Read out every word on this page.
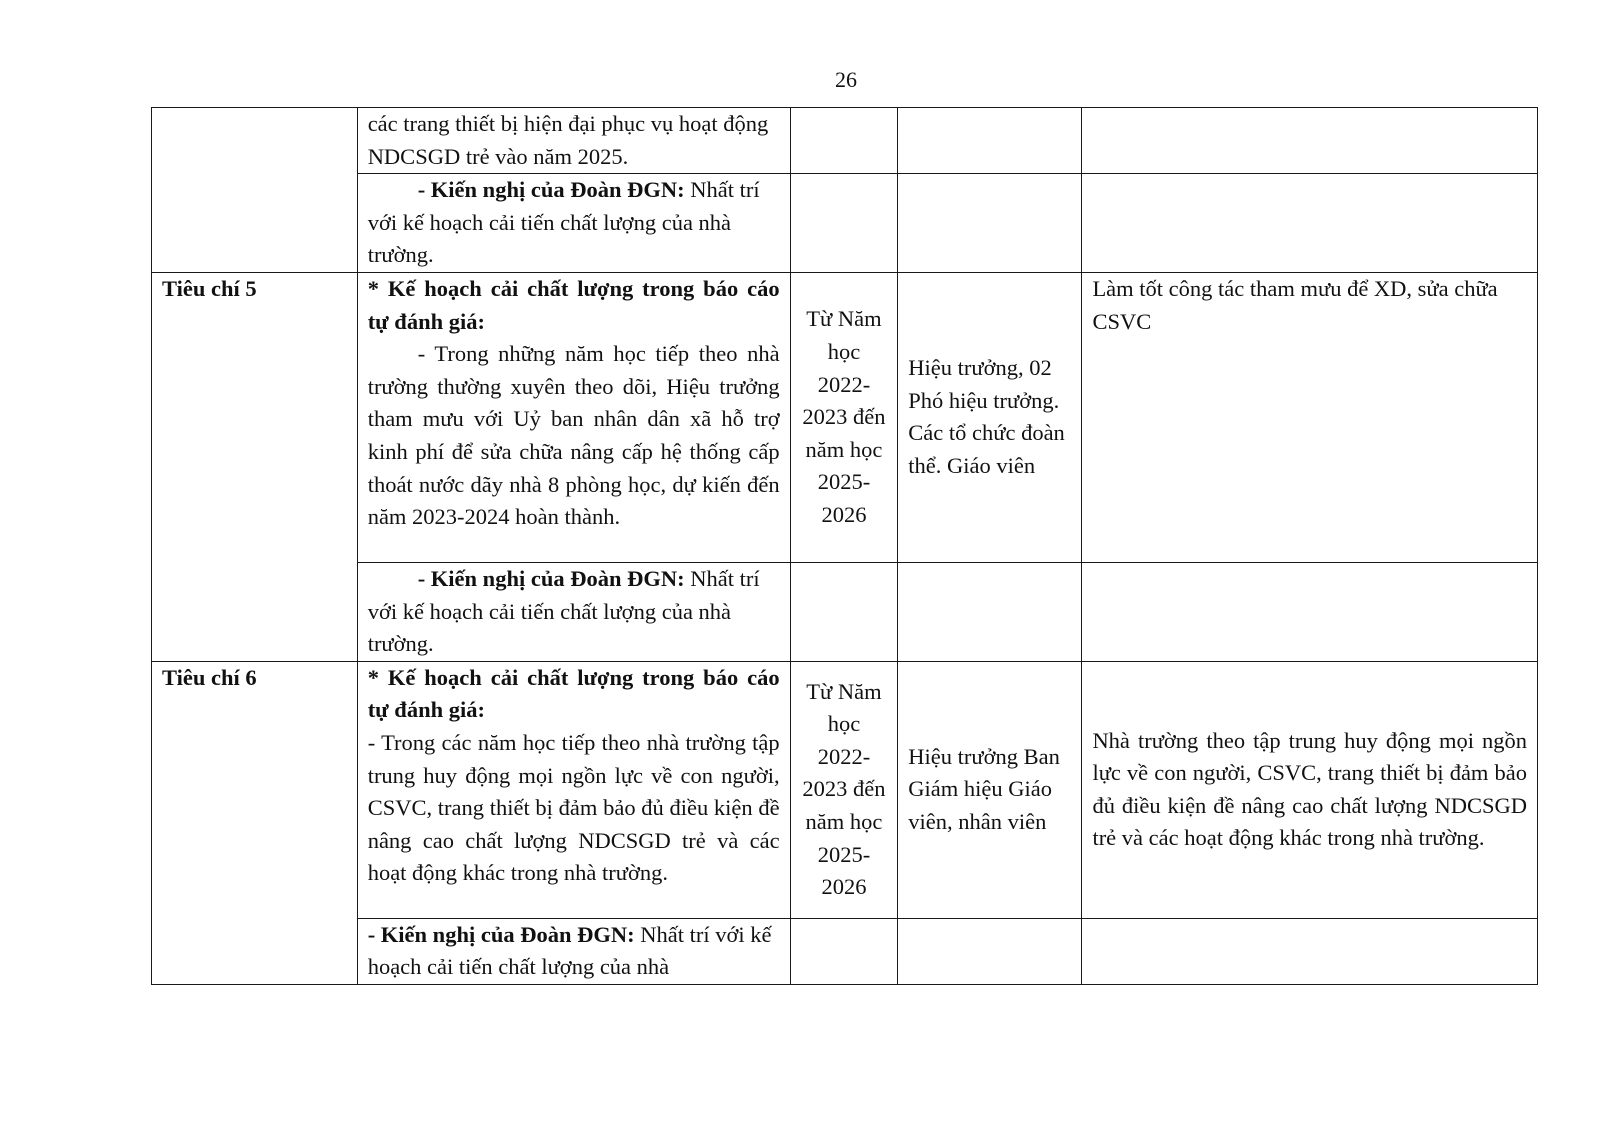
26

	các trang thiết bị hiện đại phục vụ hoạt động NDCSGD trẻ vào năm 2025.			

	- Kiến nghị của Đoàn ĐGN: Nhất trí với kế hoạch cải tiến chất lượng của nhà trường.			

Tiêu chí 5	* Kế hoạch cải chất lượng trong báo cáo tự đánh giá:

- Trong những năm học tiếp theo nhà trường thường xuyên theo dõi, Hiệu trưởng tham mưu với Uỷ ban nhân dân xã hỗ trợ kinh phí để sửa chữa nâng cấp hệ thống cấp thoát nước dãy nhà 8 phòng học, dự kiến đến năm 2023-2024 hoàn thành.	Từ Năm học 2022-2023 đến năm học 2025-2026	Hiệu trưởng, 02 Phó hiệu trưởng. Các tổ chức đoàn thể. Giáo viên	Làm tốt công tác tham mưu để XD, sửa chữa CSVC

	- Kiến nghị của Đoàn ĐGN: Nhất trí với kế hoạch cải tiến chất lượng của nhà trường.			

Tiêu chí 6	* Kế hoạch cải chất lượng trong báo cáo tự đánh giá:

- Trong các năm học tiếp theo nhà trường tập trung huy động mọi ngồn lực về con người, CSVC, trang thiết bị đảm bảo đủ điều kiện đề nâng cao chất lượng NDCSGD trẻ và các hoạt động khác trong nhà trường.	Từ Năm học 2022-2023 đến năm học 2025-2026	Hiệu trưởng Ban Giám hiệu Giáo viên, nhân viên	Nhà trường theo tập trung huy động mọi ngồn lực về con người, CSVC, trang thiết bị đảm bảo đủ điều kiện đề nâng cao chất lượng NDCSGD trẻ và các hoạt động khác trong nhà trường.

	- Kiến nghị của Đoàn ĐGN: Nhất trí với kế hoạch cải tiến chất lượng của nhà			
